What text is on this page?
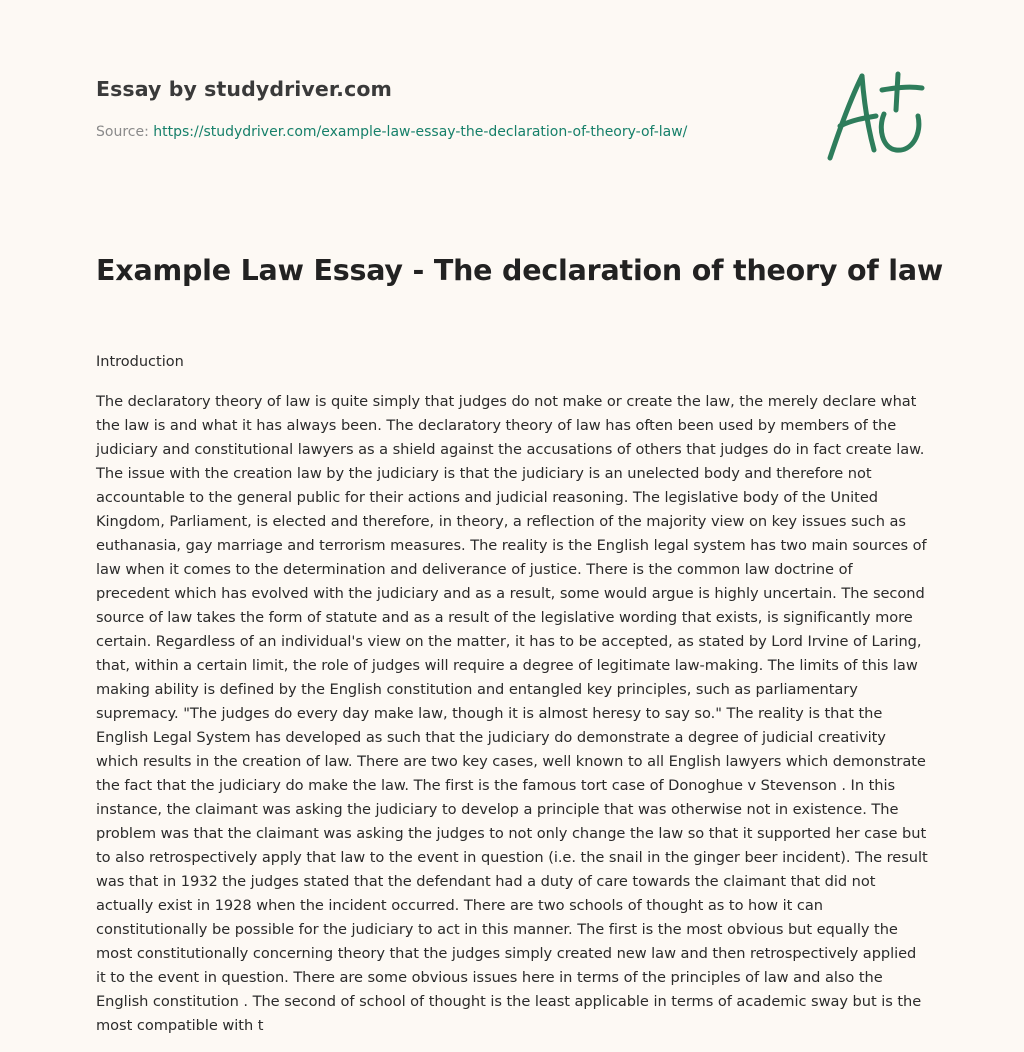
Essay by studydriver.com
Source: https://studydriver.com/example-law-essay-the-declaration-of-theory-of-law/
Example Law Essay - The declaration of theory of law
Introduction

The declaratory theory of law is quite simply that judges do not make or create the law, the merely declare what the law is and what it has always been. The declaratory theory of law has often been used by members of the judiciary and constitutional lawyers as a shield against the accusations of others that judges do in fact create law. The issue with the creation law by the judiciary is that the judiciary is an unelected body and therefore not accountable to the general public for their actions and judicial reasoning. The legislative body of the United Kingdom, Parliament, is elected and therefore, in theory, a reflection of the majority view on key issues such as euthanasia, gay marriage and terrorism measures. The reality is the English legal system has two main sources of law when it comes to the determination and deliverance of justice. There is the common law doctrine of precedent which has evolved with the judiciary and as a result, some would argue is highly uncertain. The second source of law takes the form of statute and as a result of the legislative wording that exists, is significantly more certain. Regardless of an individual's view on the matter, it has to be accepted, as stated by Lord Irvine of Laring, that, within a certain limit, the role of judges will require a degree of legitimate law-making. The limits of this law making ability is defined by the English constitution and entangled key principles, such as parliamentary supremacy. "The judges do every day make law, though it is almost heresy to say so." The reality is that the English Legal System has developed as such that the judiciary do demonstrate a degree of judicial creativity which results in the creation of law. There are two key cases, well known to all English lawyers which demonstrate the fact that the judiciary do make the law. The first is the famous tort case of Donoghue v Stevenson . In this instance, the claimant was asking the judiciary to develop a principle that was otherwise not in existence. The problem was that the claimant was asking the judges to not only change the law so that it supported her case but to also retrospectively apply that law to the event in question (i.e. the snail in the ginger beer incident). The result was that in 1932 the judges stated that the defendant had a duty of care towards the claimant that did not actually exist in 1928 when the incident occurred. There are two schools of thought as to how it can constitutionally be possible for the judiciary to act in this manner. The first is the most obvious but equally the most constitutionally concerning theory that the judges simply created new law and then retrospectively applied it to the event in question. There are some obvious issues here in terms of the principles of law and also the English constitution . The second of school of thought is the least applicable in terms of academic sway but is the most compatible with t
